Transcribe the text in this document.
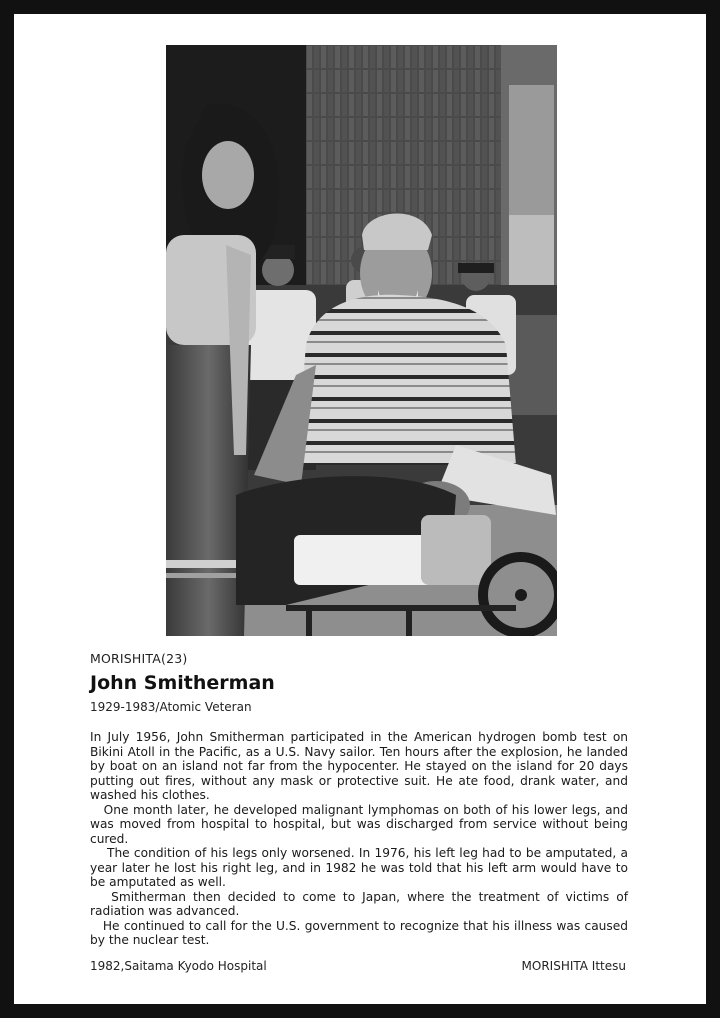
MORISHITA(23)
John Smitherman
1929-1983/Atomic Veteran

In July 1956, John Smitherman participated in the American hydrogen bomb test on Bikini Atoll in the Pacific, as a U.S. Navy sailor. Ten hours after the explosion, he landed by boat on an island not far from the hypocenter. He stayed on the island for 20 days putting out fires, without any mask or protective suit. He ate food, drank water, and washed his clothes.

One month later, he developed malignant lymphomas on both of his lower legs, and was moved from hospital to hospital, but was discharged from service without being cured.

The condition of his legs only worsened. In 1976, his left leg had to be amputated, a year later he lost his right leg, and in 1982 he was told that his left arm would have to be amputated as well.

Smitherman then decided to come to Japan, where the treatment of victims of radiation was advanced.

He continued to call for the U.S. government to recognize that his illness was caused by the nuclear test.

1982,Saitama Kyodo Hospital	MORISHITA Ittesu
